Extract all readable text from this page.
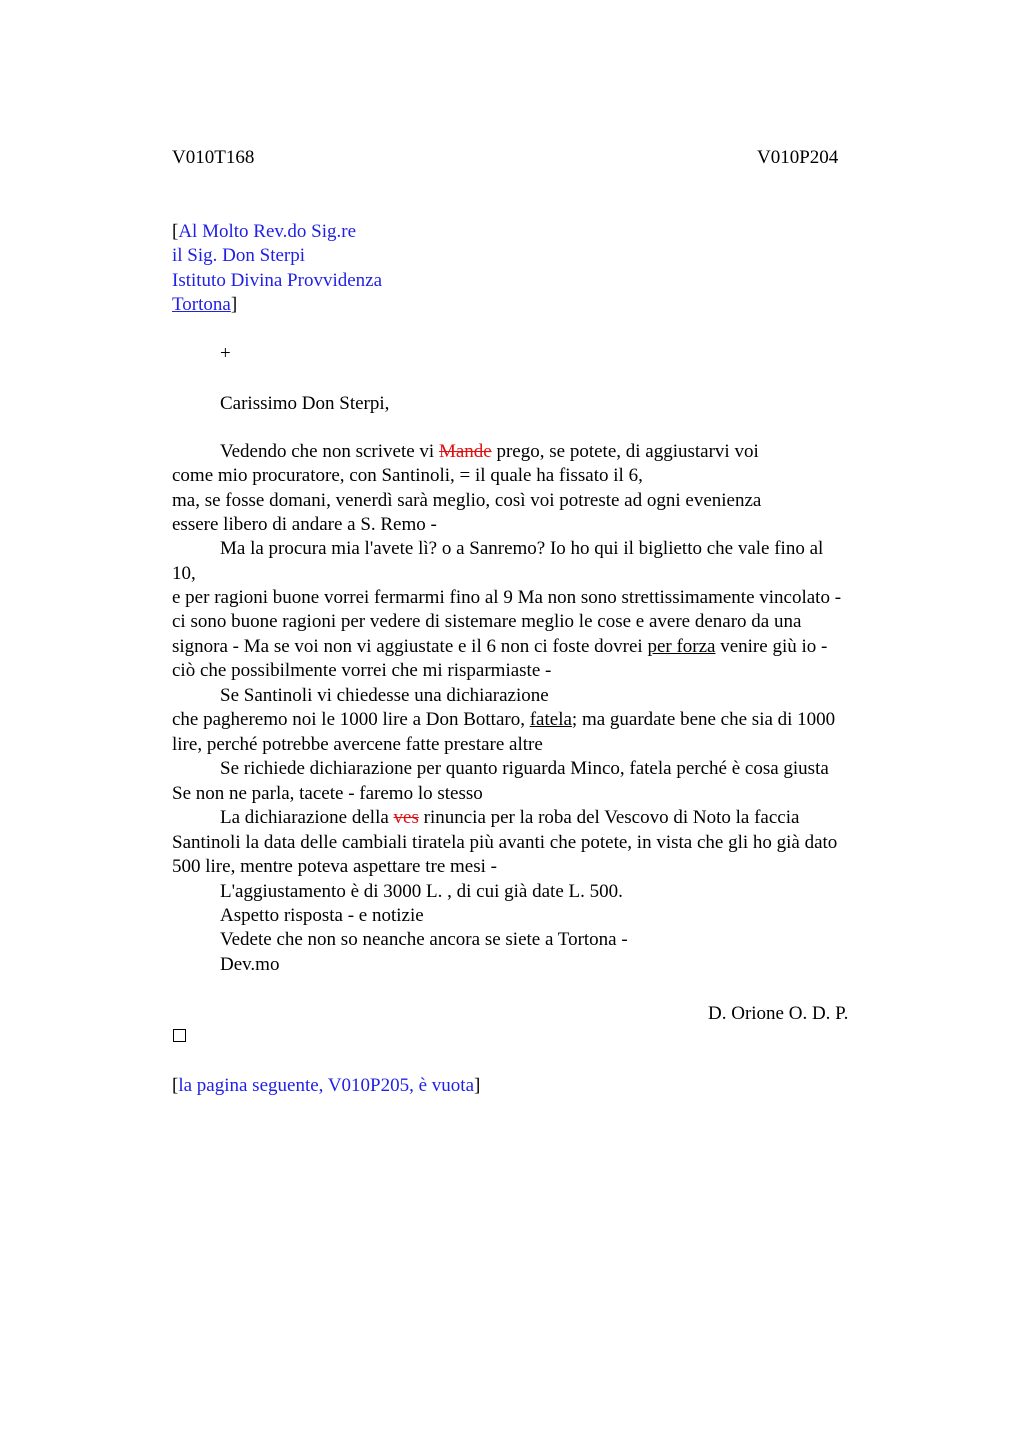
V010T168	V010P204
[Al Molto Rev.do Sig.re
il Sig. Don Sterpi
Istituto Divina Provvidenza
Tortona]
+
Carissimo Don Sterpi,
Vedendo che non scrivete vi Mande prego, se potete, di aggiustarvi voi
come mio procuratore, con Santinoli, = il quale ha fissato il 6,
ma, se fosse domani, venerdì sarà meglio, così voi potreste ad ogni evenienza
essere libero di andare a S. Remo -
Ma la procura mia l'avete lì? o a Sanremo? Io ho qui il biglietto che vale fino al
10,
e per ragioni buone vorrei fermarmi fino al 9 Ma non sono strettissimamente vincolato -
ci sono buone ragioni per vedere di sistemare meglio le cose e avere denaro da una
signora - Ma se voi non vi aggiustate e il 6 non ci foste dovrei per forza venire giù io -
ciò che possibilmente vorrei che mi risparmiaste -
Se Santinoli vi chiedesse una dichiarazione
che pagheremo noi le 1000 lire a Don Bottaro, fatela; ma guardate bene che sia di 1000
lire, perché potrebbe avercene fatte prestare altre
Se richiede dichiarazione per quanto riguarda Minco, fatela perché è cosa giusta
Se non ne parla, tacete - faremo lo stesso
La dichiarazione della ves rinuncia per la roba del Vescovo di Noto la faccia
Santinoli la data delle cambiali tiratela più avanti che potete, in vista che gli ho già dato
500 lire, mentre poteva aspettare tre mesi -
L'aggiustamento è di 3000 L. , di cui già date L. 500.
Aspetto risposta - e notizie
Vedete che non so neanche ancora se siete a Tortona -
Dev.mo
D. Orione O. D. P.
[la pagina seguente, V010P205, è vuota]
